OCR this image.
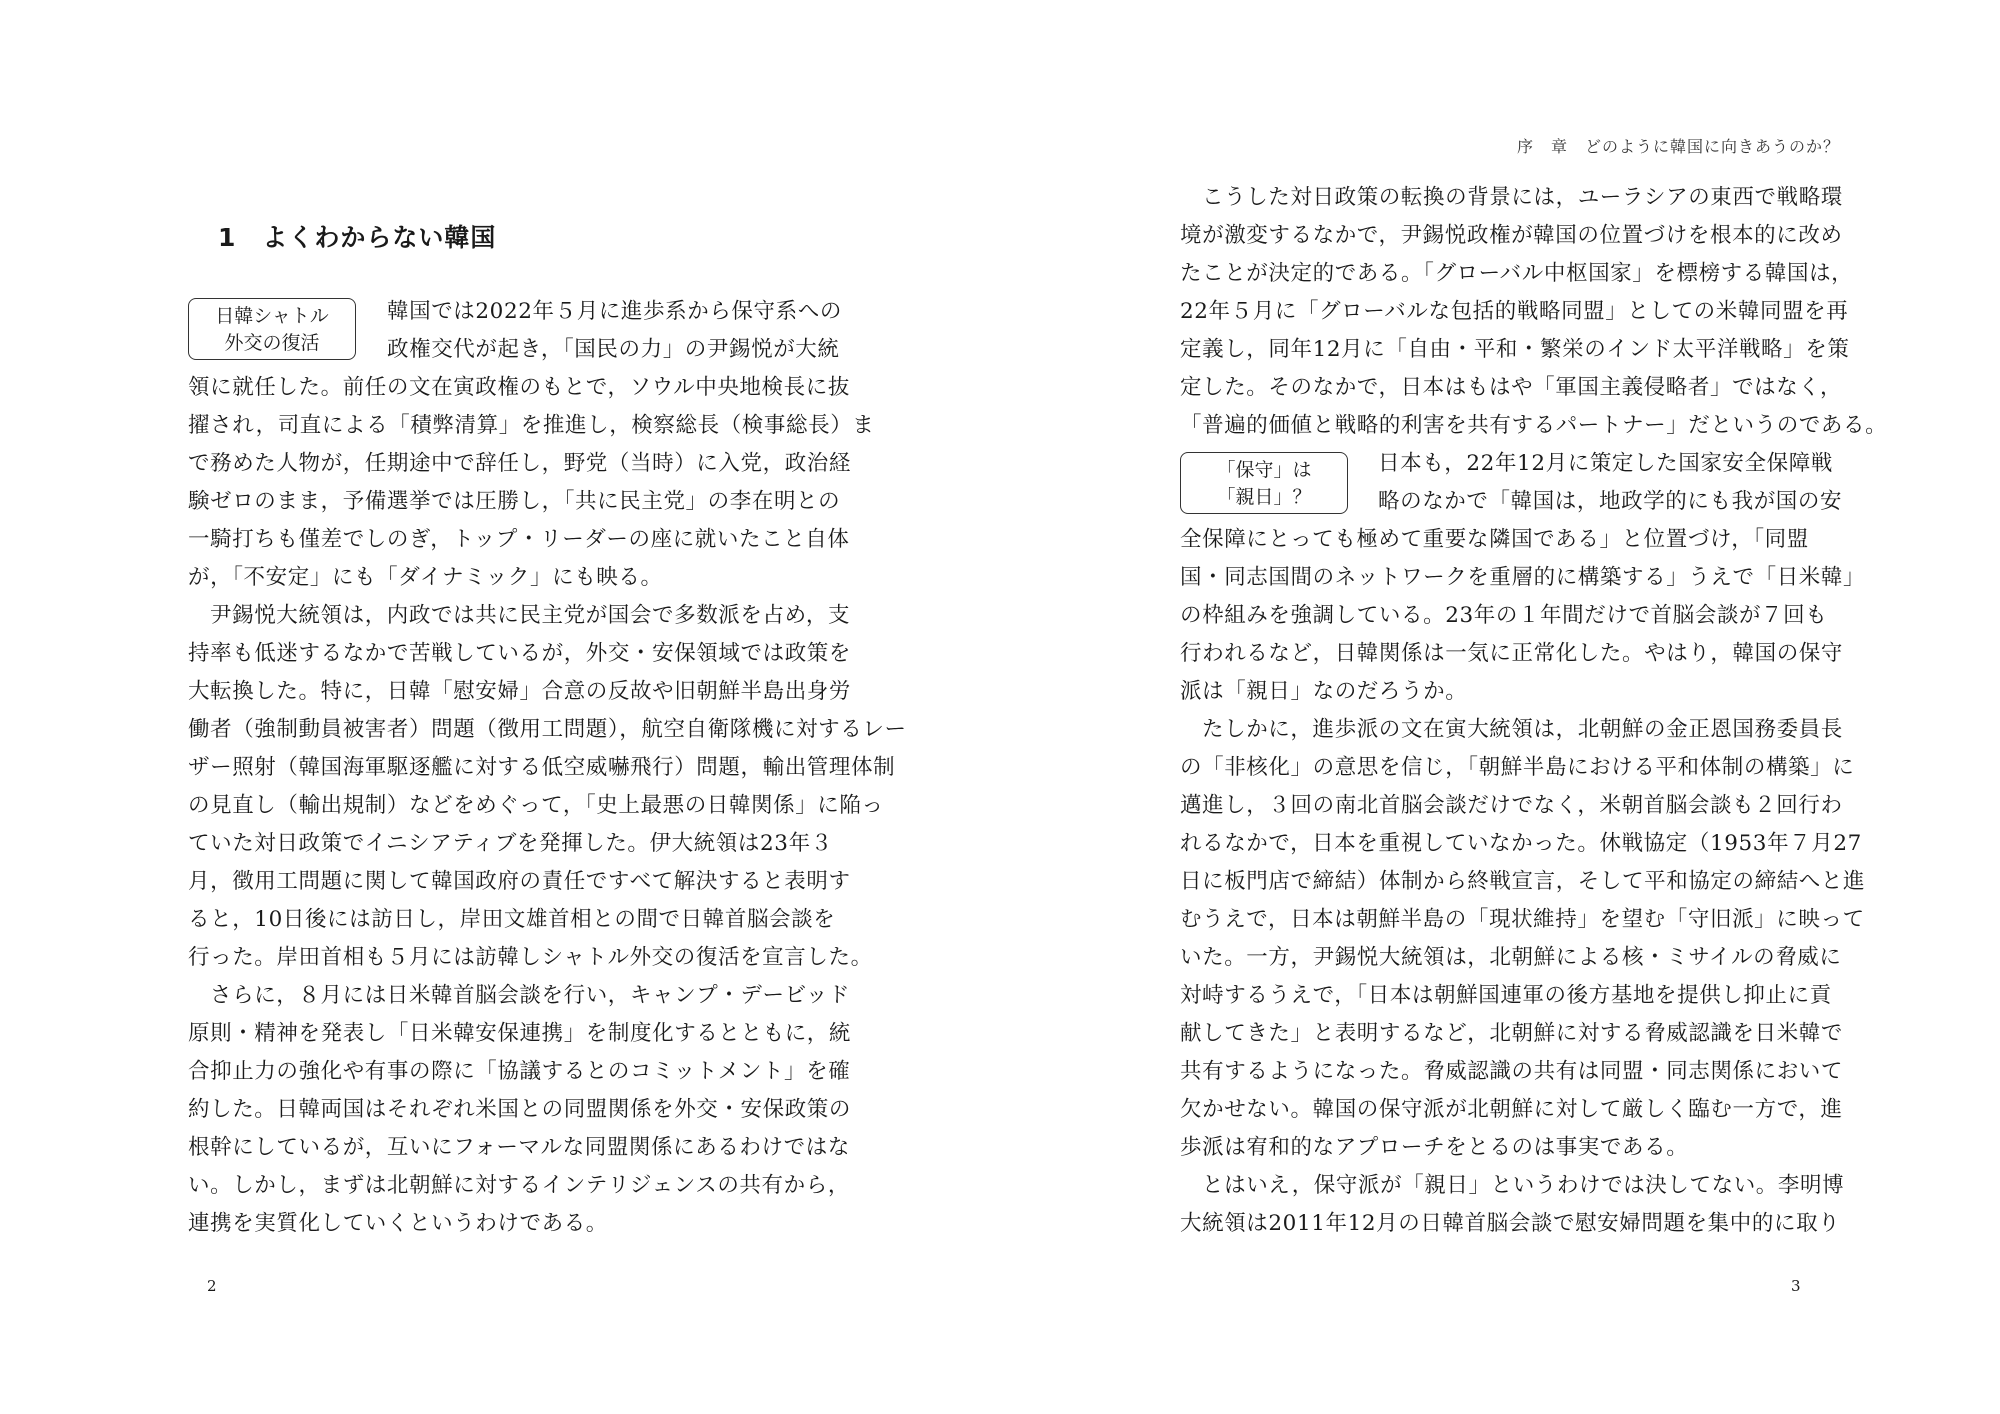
序　章　どのように韓国に向きあうのか？
1　よくわからない韓国
日韓シャトル
外交の復活
「保守」は
「親日」？
韓国では2022年５月に進歩系から保守系への
政権交代が起き，「国民の力」の尹錫悦が大統
領に就任した。前任の文在寅政権のもとで，ソウル中央地検長に抜
擢され，司直による「積弊清算」を推進し，検察総長（検事総長）ま
で務めた人物が，任期途中で辞任し，野党（当時）に入党，政治経
験ゼロのまま，予備選挙では圧勝し，「共に民主党」の李在明との
一騎打ちも僅差でしのぎ，トップ・リーダーの座に就いたこと自体
が，「不安定」にも「ダイナミック」にも映る。
尹錫悦大統領は，内政では共に民主党が国会で多数派を占め，支
持率も低迷するなかで苦戦しているが，外交・安保領域では政策を
大転換した。特に，日韓「慰安婦」合意の反故や旧朝鮮半島出身労
働者（強制動員被害者）問題（徴用工問題），航空自衛隊機に対するレー
ザー照射（韓国海軍駆逐艦に対する低空威嚇飛行）問題，輸出管理体制
の見直し（輸出規制）などをめぐって，「史上最悪の日韓関係」に陥っ
ていた対日政策でイニシアティブを発揮した。伊大統領は23年３
月，徴用工問題に関して韓国政府の責任ですべて解決すると表明す
ると，10日後には訪日し，岸田文雄首相との間で日韓首脳会談を
行った。岸田首相も５月には訪韓しシャトル外交の復活を宣言した。
さらに，８月には日米韓首脳会談を行い，キャンプ・デービッド
原則・精神を発表し「日米韓安保連携」を制度化するとともに，統
合抑止力の強化や有事の際に「協議するとのコミットメント」を確
約した。日韓両国はそれぞれ米国との同盟関係を外交・安保政策の
根幹にしているが，互いにフォーマルな同盟関係にあるわけではな
い。しかし，まずは北朝鮮に対するインテリジェンスの共有から，
連携を実質化していくというわけである。
こうした対日政策の転換の背景には，ユーラシアの東西で戦略環
境が激変するなかで，尹錫悦政権が韓国の位置づけを根本的に改め
たことが決定的である。「グローバル中枢国家」を標榜する韓国は，
22年５月に「グローバルな包括的戦略同盟」としての米韓同盟を再
定義し，同年12月に「自由・平和・繁栄のインド太平洋戦略」を策
定した。そのなかで，日本はもはや「軍国主義侵略者」ではなく，
「普遍的価値と戦略的利害を共有するパートナー」だというのである。
日本も，22年12月に策定した国家安全保障戦
略のなかで「韓国は，地政学的にも我が国の安
全保障にとっても極めて重要な隣国である」と位置づけ，「同盟
国・同志国間のネットワークを重層的に構築する」うえで「日米韓」
の枠組みを強調している。23年の１年間だけで首脳会談が７回も
行われるなど，日韓関係は一気に正常化した。やはり，韓国の保守
派は「親日」なのだろうか。
たしかに，進歩派の文在寅大統領は，北朝鮮の金正恩国務委員長
の「非核化」の意思を信じ，「朝鮮半島における平和体制の構築」に
邁進し，３回の南北首脳会談だけでなく，米朝首脳会談も２回行わ
れるなかで，日本を重視していなかった。休戦協定（1953年７月27
日に板門店で締結）体制から終戦宣言，そして平和協定の締結へと進
むうえで，日本は朝鮮半島の「現状維持」を望む「守旧派」に映って
いた。一方，尹錫悦大統領は，北朝鮮による核・ミサイルの脅威に
対峙するうえで，「日本は朝鮮国連軍の後方基地を提供し抑止に貢
献してきた」と表明するなど，北朝鮮に対する脅威認識を日米韓で
共有するようになった。脅威認識の共有は同盟・同志関係において
欠かせない。韓国の保守派が北朝鮮に対して厳しく臨む一方で，進
歩派は宥和的なアプローチをとるのは事実である。
とはいえ，保守派が「親日」というわけでは決してない。李明博
大統領は2011年12月の日韓首脳会談で慰安婦問題を集中的に取り
2	3
